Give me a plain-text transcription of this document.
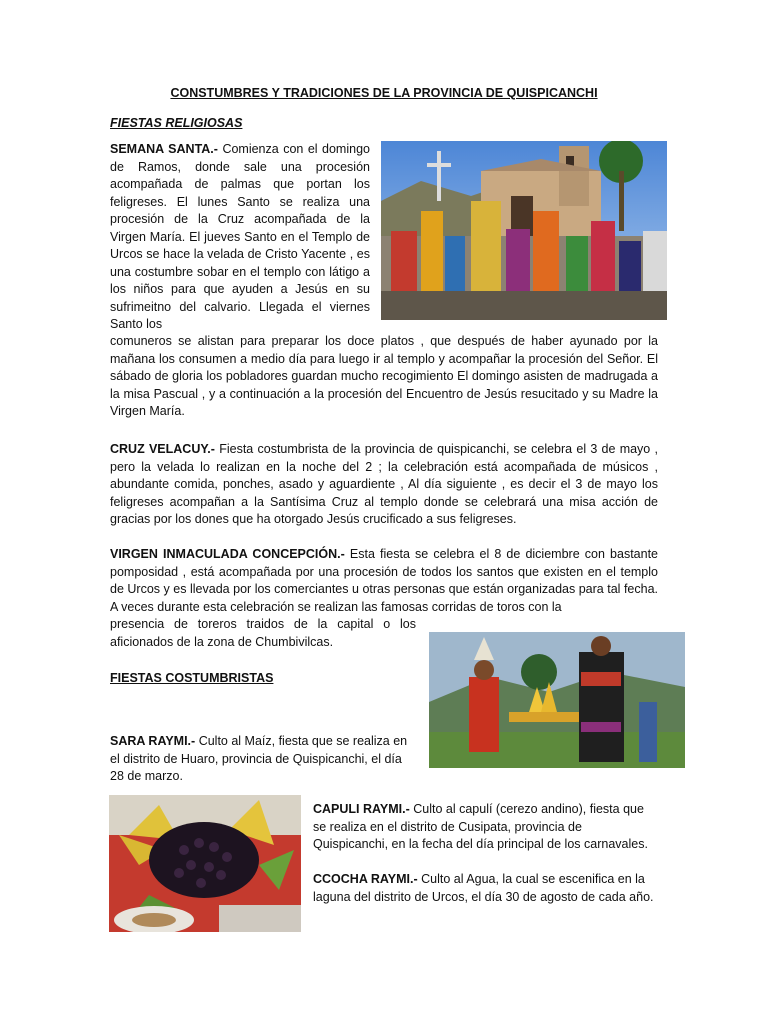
CONSTUMBRES Y TRADICIONES DE LA PROVINCIA DE QUISPICANCHI
FIESTAS RELIGIOSAS

SEMANA SANTA.- Comienza con el domingo de Ramos, donde sale una procesión acompañada de palmas que portan los feligreses. El lunes Santo se realiza una procesión de la Cruz acompañada de la Virgen María. El jueves Santo en el Templo de Urcos se hace la velada de Cristo Yacente , es una costumbre sobar en el templo con látigo a los niños para que ayuden a Jesús en su sufrimeitno del calvario. Llegada el viernes Santo los

comuneros se alistan para preparar los doce platos , que después de haber ayunado por la mañana los consumen a medio día para luego ir al templo y acompañar la procesión del Señor. El sábado de gloria los pobladores guardan mucho recogimiento El domingo asisten de madrugada a la misa Pascual , y a continuación a la procesión del Encuentro de Jesús resucitado y su Madre la Virgen María.

CRUZ VELACUY.- Fiesta costumbrista de la provincia de quispicanchi, se celebra el 3 de mayo , pero la velada lo realizan en la noche del 2 ; la celebración está acompañada de músicos , abundante comida, ponches, asado y aguardiente , Al día siguiente , es decir el 3 de mayo los feligreses acompañan a la Santísima Cruz al templo donde se celebrará una misa acción de gracias por los dones que ha otorgado Jesús crucificado a sus feligreses.

VIRGEN INMACULADA CONCEPCIÓN.- Esta fiesta se celebra el 8 de diciembre con bastante pomposidad , está acompañada por una procesión de todos los santos que existen en el templo de Urcos y es llevada por los comerciantes u otras personas que están organizadas para tal fecha. A veces durante esta celebración se realizan las famosas corridas de toros con la

presencia de toreros traidos de la capital o los aficionados de la zona de Chumbivilcas.

FIESTAS COSTUMBRISTAS

SARA RAYMI.- Culto al Maíz, fiesta que se realiza en el distrito de Huaro, provincia de Quispicanchi, el día 28 de marzo.

CAPULI RAYMI.- Culto al capulí (cerezo andino), fiesta que se realiza en el distrito de Cusipata, provincia de Quispicanchi, en la fecha del día principal de los carnavales.

CCOCHA RAYMI.- Culto al Agua, la cual se escenifica en la laguna del distrito de Urcos, el día 30 de agosto de cada año.
